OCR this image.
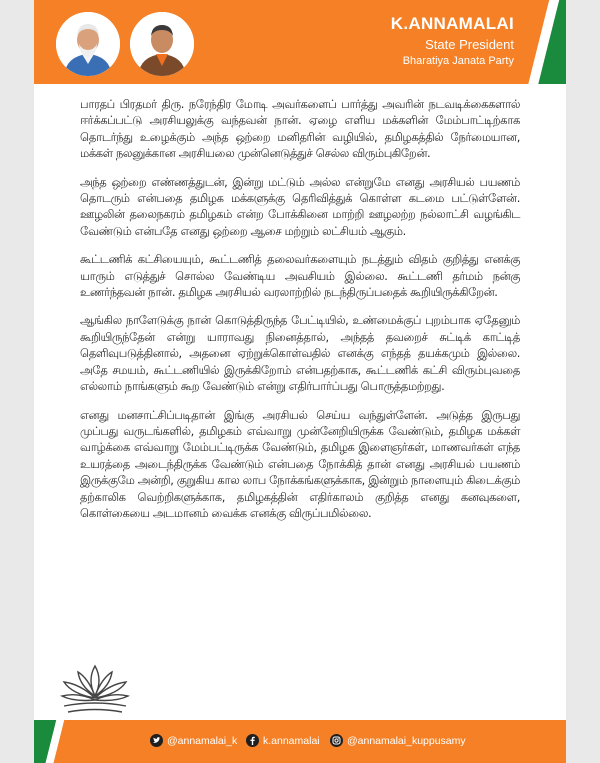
K.ANNAMALAI
State President
Bharatiya Janata Party

பாரதப் பிரதமர் திரு. நரேந்திர மோடி அவர்களைப் பார்த்து அவரின் நடவடிக்கைகளால் ஈர்க்கப்பட்டு அரசியலுக்கு வந்தவன் நான். ஏழை எளிய மக்களின் மேம்பாட்டிற்காக தொடர்ந்து உழைக்கும் அந்த ஒற்றை மனிதரின் வழியில், தமிழகத்தில் நேர்மையான, மக்கள் நலனுக்கான அரசியலை முன்னெடுத்துச் செல்ல விரும்புகிறேன்.

அந்த ஒற்றை எண்ணத்துடன், இன்று மட்டும் அல்ல என்றுமே எனது அரசியல் பயணம் தொடரும் என்பதை தமிழக மக்களுக்கு தெரிவித்துக் கொள்ள கடமை பட்டுள்ளேன். ஊழலின் தலைநகரம் தமிழகம் என்ற போக்கினை மாற்றி ஊழலற்ற நல்லாட்சி வழங்கிட வேண்டும் என்பதே எனது ஒற்றை ஆசை மற்றும் லட்சியம் ஆகும்.

கூட்டணிக் கட்சியையும், கூட்டணித் தலைவர்களையும் நடத்தும் விதம் குறித்து எனக்கு யாரும் எடுத்துச் சொல்ல வேண்டிய அவசியம் இல்லை. கூட்டணி தர்மம் நன்கு உணர்ந்தவன் நான். தமிழக அரசியல் வரலாற்றில் நடந்திருப்பதைக் கூறியிருக்கிறேன்.

ஆங்கில நாளேடுக்கு நான் கொடுத்திருந்த பேட்டியில், உண்மைக்குப் புறம்பாக ஏதேனும் கூறியிருந்தேன் என்று யாராவது நினைத்தால், அந்தத் தவறைச் சுட்டிக் காட்டித் தெளிவுபடுத்தினால், அதனை ஏற்றுக்கொள்வதில் எனக்கு எந்தத் தயக்கமும் இல்லை. அதே சமயம், கூட்டணியில் இருக்கிறோம் என்பதற்காக, கூட்டணிக் கட்சி விரும்புவதை எல்லாம் நாங்களும் கூற வேண்டும் என்று எதிர்பார்ப்பது பொருத்தமற்றது.

எனது மனசாட்சிப்படிதான் இங்கு அரசியல் செய்ய வந்துள்ளேன். அடுத்த இருபது முப்பது வருடங்களில், தமிழகம் எவ்வாறு முன்னேறியிருக்க வேண்டும், தமிழக மக்கள் வாழ்க்கை எவ்வாறு மேம்பட்டிருக்க வேண்டும், தமிழக இளைஞர்கள், மாணவர்கள் எந்த உயரத்தை அடைந்திருக்க வேண்டும் என்பதை நோக்கித் தான் எனது அரசியல் பயணம் இருக்குமே அன்றி, குறுகிய கால லாப நோக்கங்களுக்காக, இன்றும் நாளையும் கிடைக்கும் தற்காலிக வெற்றிகளுக்காக, தமிழகத்தின் எதிர்காலம் குறித்த எனது கனவுகளை, கொள்கையை அடமானம் வைக்க எனக்கு விருப்பமில்லை.

@annamalai_k k.annamalai	@annamalai_kuppusamy
